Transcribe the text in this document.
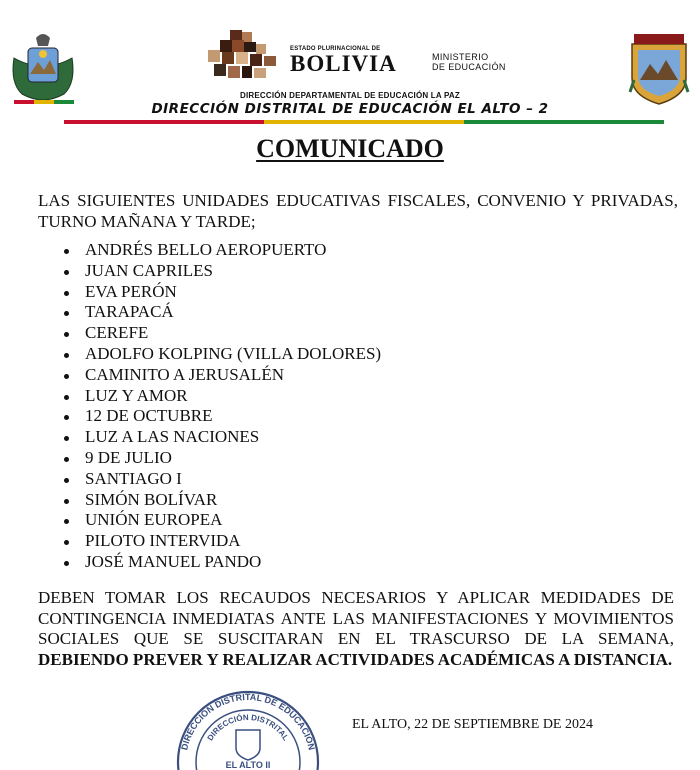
ESTADO PLURINACIONAL DE
BOLIVIA	MINISTERIO
DE EDUCACIÓN
DIRECCIÓN DEPARTAMENTAL DE EDUCACIÓN LA PAZ
DIRECCIÓN DISTRITAL DE EDUCACIÓN EL ALTO – 2
COMUNICADO
LAS SIGUIENTES UNIDADES EDUCATIVAS FISCALES, CONVENIO Y PRIVADAS, TURNO MAÑANA Y TARDE;
ANDRÉS BELLO AEROPUERTO
JUAN CAPRILES
EVA PERÓN
TARAPACÁ
CEREFE
ADOLFO KOLPING (VILLA DOLORES)
CAMINITO A JERUSALÉN
LUZ Y AMOR
12 DE OCTUBRE
LUZ A LAS NACIONES
9 DE JULIO
SANTIAGO I
SIMÓN BOLÍVAR
UNIÓN EUROPEA
PILOTO INTERVIDA
JOSÉ MANUEL PANDO
DEBEN TOMAR LOS RECAUDOS NECESARIOS Y APLICAR MEDIDADES DE CONTINGENCIA INMEDIATAS ANTE LAS MANIFESTACIONES Y MOVIMIENTOS SOCIALES QUE SE SUSCITARAN EN EL TRASCURSO DE LA SEMANA, DEBIENDO PREVER Y REALIZAR ACTIVIDADES ACADÉMICAS A DISTANCIA.
DIRECCIÓN DISTRITAL DE EDUCACIÓN
DIRECCIÓN DISTRITAL
EL ALTO II
EL ALTO, 22 DE SEPTIEMBRE DE 2024
